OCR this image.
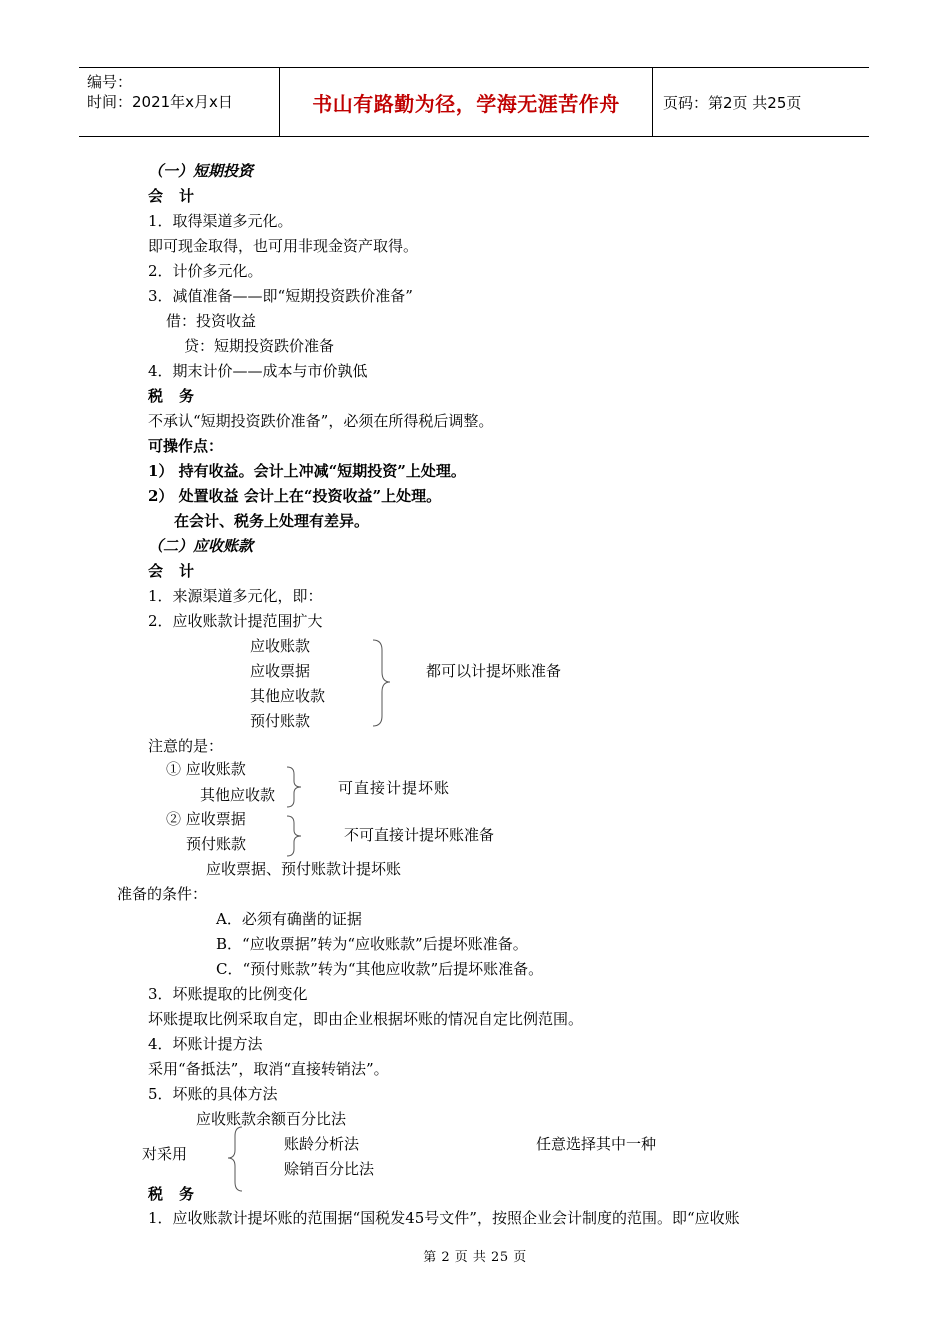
编号：
时间：2021年x月x日	书山有路勤为径，学海无涯苦作舟	页码：第2页 共25页
（一）短期投资
会计
1．取得渠道多元化。
即可现金取得，也可用非现金资产取得。
2．计价多元化。
3．减值准备——即“短期投资跌价准备”
借：投资收益
贷：短期投资跌价准备
4．期末计价——成本与市价孰低
税务
不承认“短期投资跌价准备”，必须在所得税后调整。
可操作点：
1） 持有收益。会计上冲减“短期投资”上处理。
2） 处置收益 会计上在“投资收益”上处理。
在会计、税务上处理有差异。
（二）应收账款
会计
1．来源渠道多元化，即：
2．应收账款计提范围扩大
应收账款
应收票据
其他应收款
预付账款
都可以计提坏账准备
注意的是：
① 应收账款
其他应收款	可直接计提坏账
② 应收票据
预付账款	不可直接计提坏账准备
应收票据、预付账款计提坏账
准备的条件：
A．必须有确凿的证据
B．“应收票据”转为“应收账款”后提坏账准备。
C．“预付账款”转为“其他应收款”后提坏账准备。
3．坏账提取的比例变化
坏账提取比例采取自定，即由企业根据坏账的情况自定比例范围。
4．坏账计提方法
采用“备抵法”，取消“直接转销法”。
5．坏账的具体方法
应收账款余额百分比法
对采用
账龄分析法
赊销百分比法
任意选择其中一种
税务
1．应收账款计提坏账的范围据“国税发45号文件”，按照企业会计制度的范围。即“应收账
第 2 页 共 25 页
